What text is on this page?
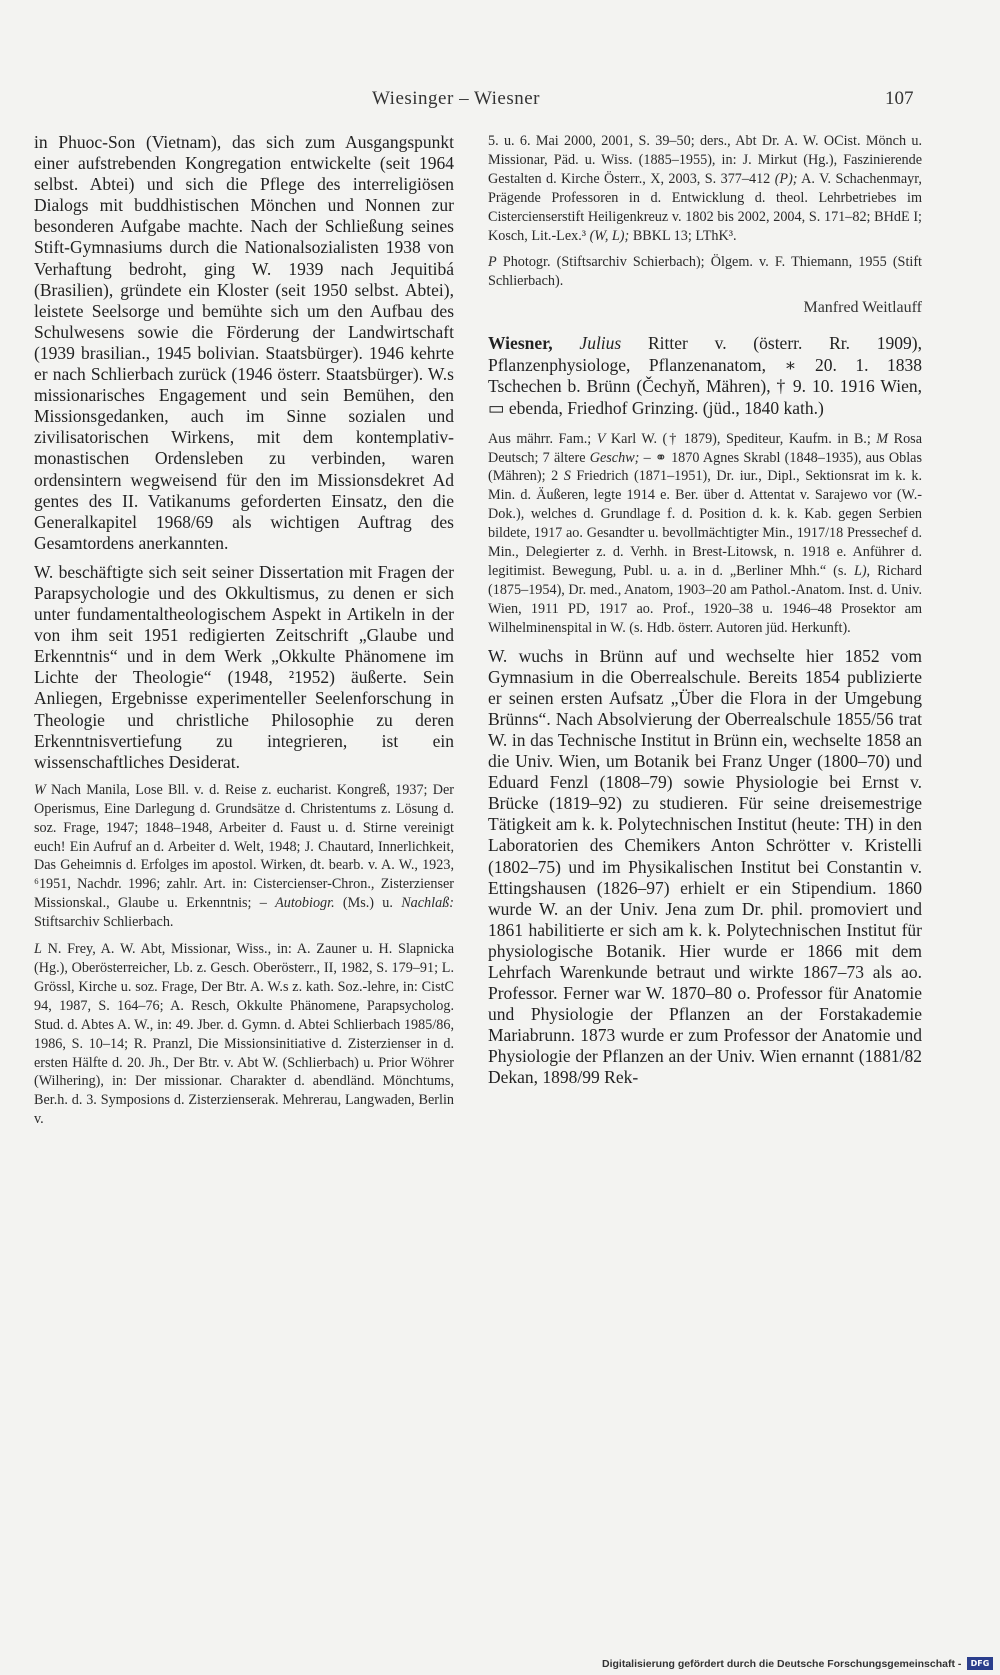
Wiesinger – Wiesner	107

in Phuoc-Son (Vietnam), das sich zum Ausgangspunkt einer aufstrebenden Kongregation entwickelte (seit 1964 selbst. Abtei) und sich die Pflege des interreligiösen Dialogs mit buddhistischen Mönchen und Nonnen zur besonderen Aufgabe machte. Nach der Schließung seines Stift-Gymnasiums durch die Nationalsozialisten 1938 von Verhaftung bedroht, ging W. 1939 nach Jequitibá (Brasilien), gründete ein Kloster (seit 1950 selbst. Abtei), leistete Seelsorge und bemühte sich um den Aufbau des Schulwesens sowie die Förderung der Landwirtschaft (1939 brasilian., 1945 bolivian. Staatsbürger). 1946 kehrte er nach Schlierbach zurück (1946 österr. Staatsbürger). W.s missionarisches Engagement und sein Bemühen, den Missionsgedanken, auch im Sinne sozialen und zivilisatorischen Wirkens, mit dem kontemplativ-monastischen Ordensleben zu verbinden, waren ordensintern wegweisend für den im Missionsdekret Ad gentes des II. Vatikanums geforderten Einsatz, den die Generalkapitel 1968/69 als wichtigen Auftrag des Gesamtordens anerkannten.

W. beschäftigte sich seit seiner Dissertation mit Fragen der Parapsychologie und des Okkultismus, zu denen er sich unter fundamentaltheologischem Aspekt in Artikeln in der von ihm seit 1951 redigierten Zeitschrift „Glaube und Erkenntnis“ und in dem Werk „Okkulte Phänomene im Lichte der Theologie“ (1948, ²1952) äußerte. Sein Anliegen, Ergebnisse experimenteller Seelenforschung in Theologie und christliche Philosophie zu deren Erkenntnisvertiefung zu integrieren, ist ein wissenschaftliches Desiderat.

W Nach Manila, Lose Bll. v. d. Reise z. eucharist. Kongreß, 1937; Der Operismus, Eine Darlegung d. Grundsätze d. Christentums z. Lösung d. soz. Frage, 1947; 1848–1948, Arbeiter d. Faust u. d. Stirne vereinigt euch! Ein Aufruf an d. Arbeiter d. Welt, 1948; J. Chautard, Innerlichkeit, Das Geheimnis d. Erfolges im apostol. Wirken, dt. bearb. v. A. W., 1923, ⁶1951, Nachdr. 1996; zahlr. Art. in: Cistercienser-Chron., Zisterzienser Missionskal., Glaube u. Erkenntnis; – Autobiogr. (Ms.) u. Nachlaß: Stiftsarchiv Schlierbach.

L N. Frey, A. W. Abt, Missionar, Wiss., in: A. Zauner u. H. Slapnicka (Hg.), Oberösterreicher, Lb. z. Gesch. Oberösterr., II, 1982, S. 179–91; L. Grössl, Kirche u. soz. Frage, Der Btr. A. W.s z. kath. Soz.-lehre, in: CistC 94, 1987, S. 164–76; A. Resch, Okkulte Phänomene, Parapsycholog. Stud. d. Abtes A. W., in: 49. Jber. d. Gymn. d. Abtei Schlierbach 1985/86, 1986, S. 10–14; R. Pranzl, Die Missionsinitiative d. Zisterzienser in d. ersten Hälfte d. 20. Jh., Der Btr. v. Abt W. (Schlierbach) u. Prior Wöhrer (Wilhering), in: Der missionar. Charakter d. abendländ. Mönchtums, Ber.h. d. 3. Symposions d. Zisterzienserak. Mehrerau, Langwaden, Berlin v.

5. u. 6. Mai 2000, 2001, S. 39–50; ders., Abt Dr. A. W. OCist. Mönch u. Missionar, Päd. u. Wiss. (1885–1955), in: J. Mirkut (Hg.), Faszinierende Gestalten d. Kirche Österr., X, 2003, S. 377–412 (P); A. V. Schachenmayr, Prägende Professoren in d. Entwicklung d. theol. Lehrbetriebes im Cistercienserstift Heiligenkreuz v. 1802 bis 2002, 2004, S. 171–82; BHdE I; Kosch, Lit.-Lex.³ (W, L); BBKL 13; LThK³.

P Photogr. (Stiftsarchiv Schierbach); Ölgem. v. F. Thiemann, 1955 (Stift Schlierbach).

Manfred Weitlauff

Wiesner, Julius Ritter v. (österr. Rr. 1909), Pflanzenphysiologe, Pflanzenanatom, ∗ 20. 1. 1838 Tschechen b. Brünn (Čechyň, Mähren), † 9. 10. 1916 Wien, ▭ ebenda, Friedhof Grinzing. (jüd., 1840 kath.)

Aus mährr. Fam.; V Karl W. († 1879), Spediteur, Kaufm. in B.; M Rosa Deutsch; 7 ältere Geschw; – ⚭ 1870 Agnes Skrabl (1848–1935), aus Oblas (Mähren); 2 S Friedrich (1871–1951), Dr. iur., Dipl., Sektionsrat im k. k. Min. d. Äußeren, legte 1914 e. Ber. über d. Attentat v. Sarajewo vor (W.-Dok.), welches d. Grundlage f. d. Position d. k. k. Kab. gegen Serbien bildete, 1917 ao. Gesandter u. bevollmächtigter Min., 1917/18 Pressechef d. Min., Delegierter z. d. Verhh. in Brest-Litowsk, n. 1918 e. Anführer d. legitimist. Bewegung, Publ. u. a. in d. „Berliner Mhh.“ (s. L), Richard (1875–1954), Dr. med., Anatom, 1903–20 am Pathol.-Anatom. Inst. d. Univ. Wien, 1911 PD, 1917 ao. Prof., 1920–38 u. 1946–48 Prosektor am Wilhelminenspital in W. (s. Hdb. österr. Autoren jüd. Herkunft).

W. wuchs in Brünn auf und wechselte hier 1852 vom Gymnasium in die Oberrealschule. Bereits 1854 publizierte er seinen ersten Aufsatz „Über die Flora in der Umgebung Brünns“. Nach Absolvierung der Oberrealschule 1855/56 trat W. in das Technische Institut in Brünn ein, wechselte 1858 an die Univ. Wien, um Botanik bei Franz Unger (1800–70) und Eduard Fenzl (1808–79) sowie Physiologie bei Ernst v. Brücke (1819–92) zu studieren. Für seine dreisemestrige Tätigkeit am k. k. Polytechnischen Institut (heute: TH) in den Laboratorien des Chemikers Anton Schrötter v. Kristelli (1802–75) und im Physikalischen Institut bei Constantin v. Ettingshausen (1826–97) erhielt er ein Stipendium. 1860 wurde W. an der Univ. Jena zum Dr. phil. promoviert und 1861 habilitierte er sich am k. k. Polytechnischen Institut für physiologische Botanik. Hier wurde er 1866 mit dem Lehrfach Warenkunde betraut und wirkte 1867–73 als ao. Professor. Ferner war W. 1870–80 o. Professor für Anatomie und Physiologie der Pflanzen an der Forstakademie Mariabrunn. 1873 wurde er zum Professor der Anatomie und Physiologie der Pflanzen an der Univ. Wien ernannt (1881/82 Dekan, 1898/99 Rek-

Digitalisierung gefördert durch die Deutsche Forschungsgemeinschaft -	DFG
